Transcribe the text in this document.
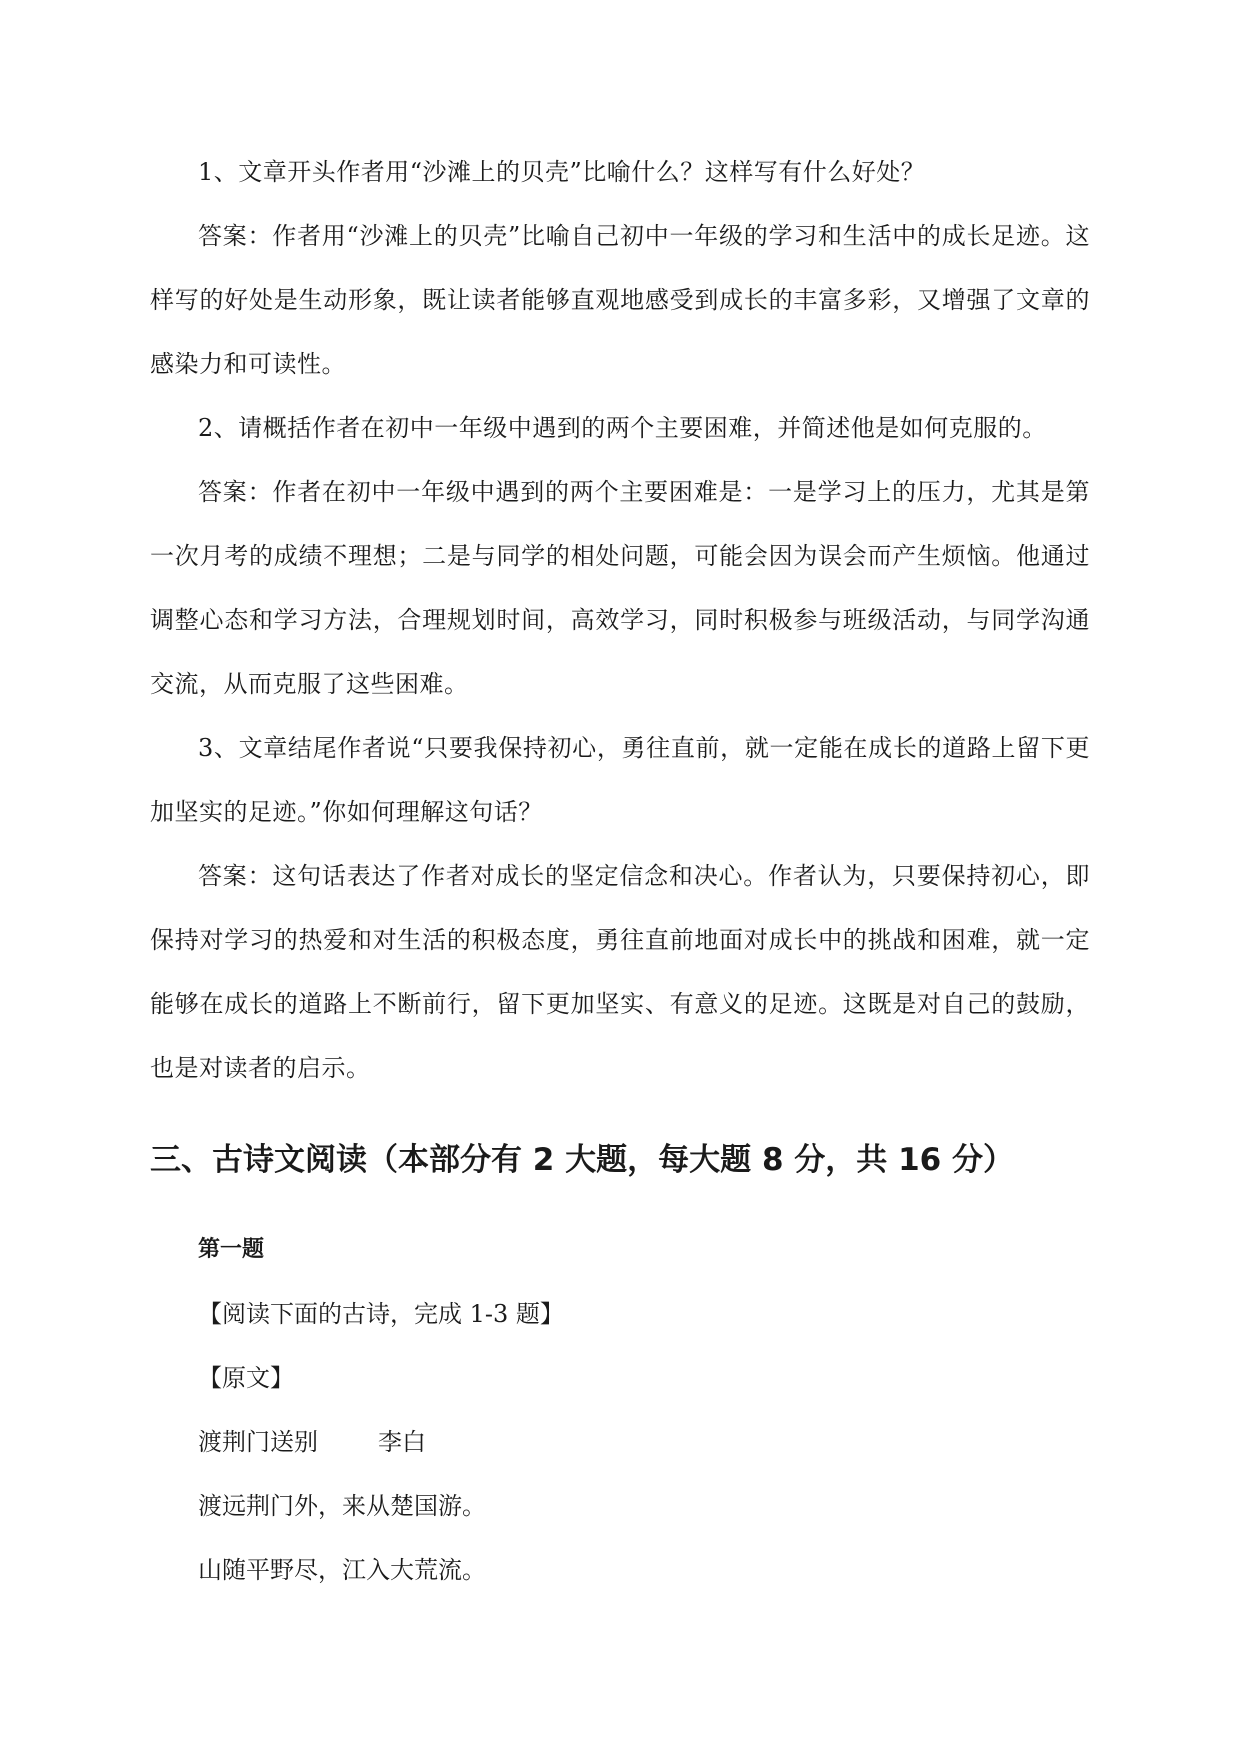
1、文章开头作者用“沙滩上的贝壳”比喻什么？这样写有什么好处？

答案：作者用“沙滩上的贝壳”比喻自己初中一年级的学习和生活中的成长足迹。这样写的好处是生动形象，既让读者能够直观地感受到成长的丰富多彩，又增强了文章的感染力和可读性。

2、请概括作者在初中一年级中遇到的两个主要困难，并简述他是如何克服的。

答案：作者在初中一年级中遇到的两个主要困难是：一是学习上的压力，尤其是第一次月考的成绩不理想；二是与同学的相处问题，可能会因为误会而产生烦恼。他通过调整心态和学习方法，合理规划时间，高效学习，同时积极参与班级活动，与同学沟通交流，从而克服了这些困难。

3、文章结尾作者说“只要我保持初心，勇往直前，就一定能在成长的道路上留下更加坚实的足迹。”你如何理解这句话？

答案：这句话表达了作者对成长的坚定信念和决心。作者认为，只要保持初心，即保持对学习的热爱和对生活的积极态度，勇往直前地面对成长中的挑战和困难，就一定能够在成长的道路上不断前行，留下更加坚实、有意义的足迹。这既是对自己的鼓励，也是对读者的启示。

三、古诗文阅读（本部分有 2 大题，每大题 8 分，共 16 分）

第一题

【阅读下面的古诗，完成 1-3 题】

【原文】

渡荆门送别	李白

渡远荆门外，来从楚国游。

山随平野尽，江入大荒流。
